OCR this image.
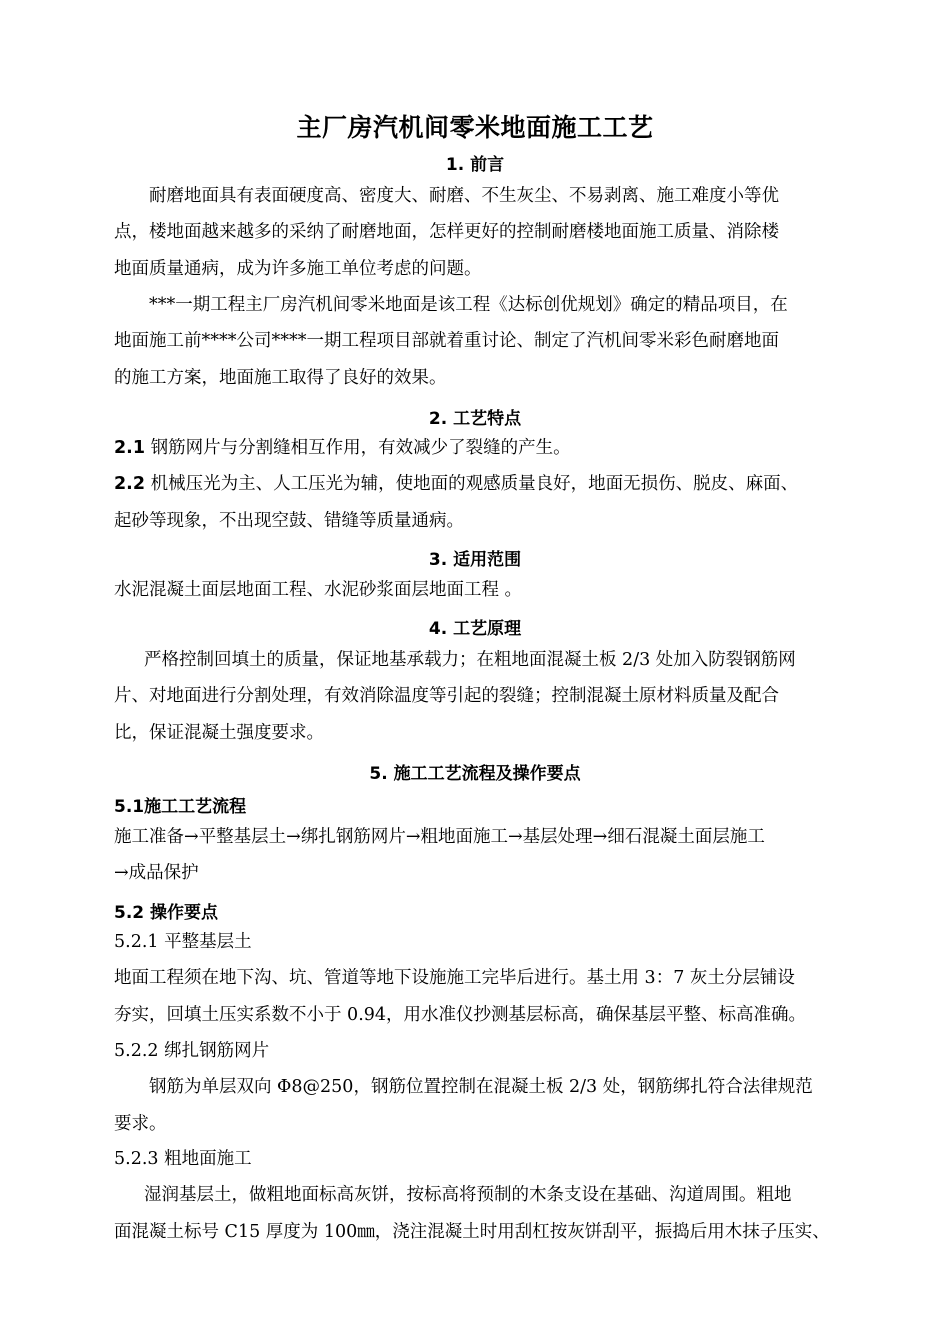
主厂房汽机间零米地面施工工艺
1. 前言
耐磨地面具有表面硬度高、密度大、耐磨、不生灰尘、不易剥离、施工难度小等优
点，楼地面越来越多的采纳了耐磨地面，怎样更好的控制耐磨楼地面施工质量、消除楼
地面质量通病，成为许多施工单位考虑的问题。
***一期工程主厂房汽机间零米地面是该工程《达标创优规划》确定的精品项目，在
地面施工前****公司****一期工程项目部就着重讨论、制定了汽机间零米彩色耐磨地面
的施工方案，地面施工取得了良好的效果。
2. 工艺特点
2.1 钢筋网片与分割缝相互作用，有效减少了裂缝的产生。
2.2 机械压光为主、人工压光为辅，使地面的观感质量良好，地面无损伤、脱皮、麻面、
起砂等现象，不出现空鼓、错缝等质量通病。
3. 适用范围
水泥混凝土面层地面工程、水泥砂浆面层地面工程 。
4. 工艺原理
严格控制回填土的质量，保证地基承载力；在粗地面混凝土板 2/3 处加入防裂钢筋网
片、对地面进行分割处理，有效消除温度等引起的裂缝；控制混凝土原材料质量及配合
比，保证混凝土强度要求。
5. 施工工艺流程及操作要点
5.1施工工艺流程
施工准备→平整基层土→绑扎钢筋网片→粗地面施工→基层处理→细石混凝土面层施工
→成品保护
5.2 操作要点
5.2.1 平整基层土
地面工程须在地下沟、坑、管道等地下设施施工完毕后进行。基土用 3：7 灰土分层铺设
夯实，回填土压实系数不小于 0.94，用水准仪抄测基层标高，确保基层平整、标高准确。
5.2.2 绑扎钢筋网片
钢筋为单层双向 Φ8@250，钢筋位置控制在混凝土板 2/3 处，钢筋绑扎符合法律规范
要求。
5.2.3 粗地面施工
湿润基层土，做粗地面标高灰饼，按标高将预制的木条支设在基础、沟道周围。粗地
面混凝土标号 C15 厚度为 100㎜，浇注混凝土时用刮杠按灰饼刮平，振捣后用木抹子压实、
